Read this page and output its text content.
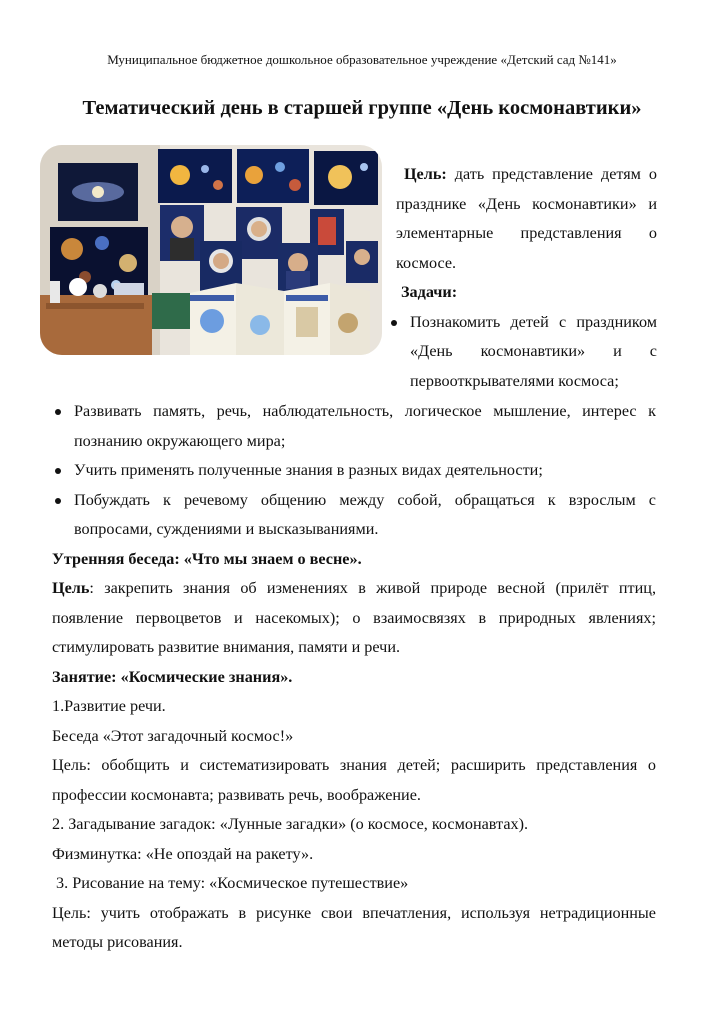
Муниципальное бюджетное дошкольное образовательное учреждение «Детский сад №141»
Тематический день в старшей группе «День космонавтики»

Цель: дать представление детям о празднике «День космонавтики» и элементарные представления о космосе.

Задачи:

Познакомить детей с праздником «День космонавтики» и с первооткрывателями космоса;

Развивать память, речь, наблюдательность, логическое мышление, интерес к познанию окружающего мира;

Учить применять полученные знания в разных видах деятельности;

Побуждать к речевому общению между собой, обращаться к взрослым с вопросами, суждениями и высказываниями.

Утренняя беседа: «Что мы знаем о весне».

Цель: закрепить знания об изменениях в живой природе весной (прилёт птиц, появление первоцветов и насекомых); о взаимосвязях в природных явлениях; стимулировать развитие внимания, памяти и речи.

Занятие: «Космические знания».

1.Развитие речи.

Беседа «Этот загадочный космос!»

Цель: обобщить и систематизировать знания детей; расширить представления о профессии космонавта; развивать речь, воображение.

2. Загадывание загадок: «Лунные загадки» (о космосе, космонавтах).

Физминутка: «Не опоздай на ракету».

3. Рисование на тему: «Космическое путешествие»

Цель: учить отображать в рисунке свои впечатления, используя нетрадиционные методы рисования.
